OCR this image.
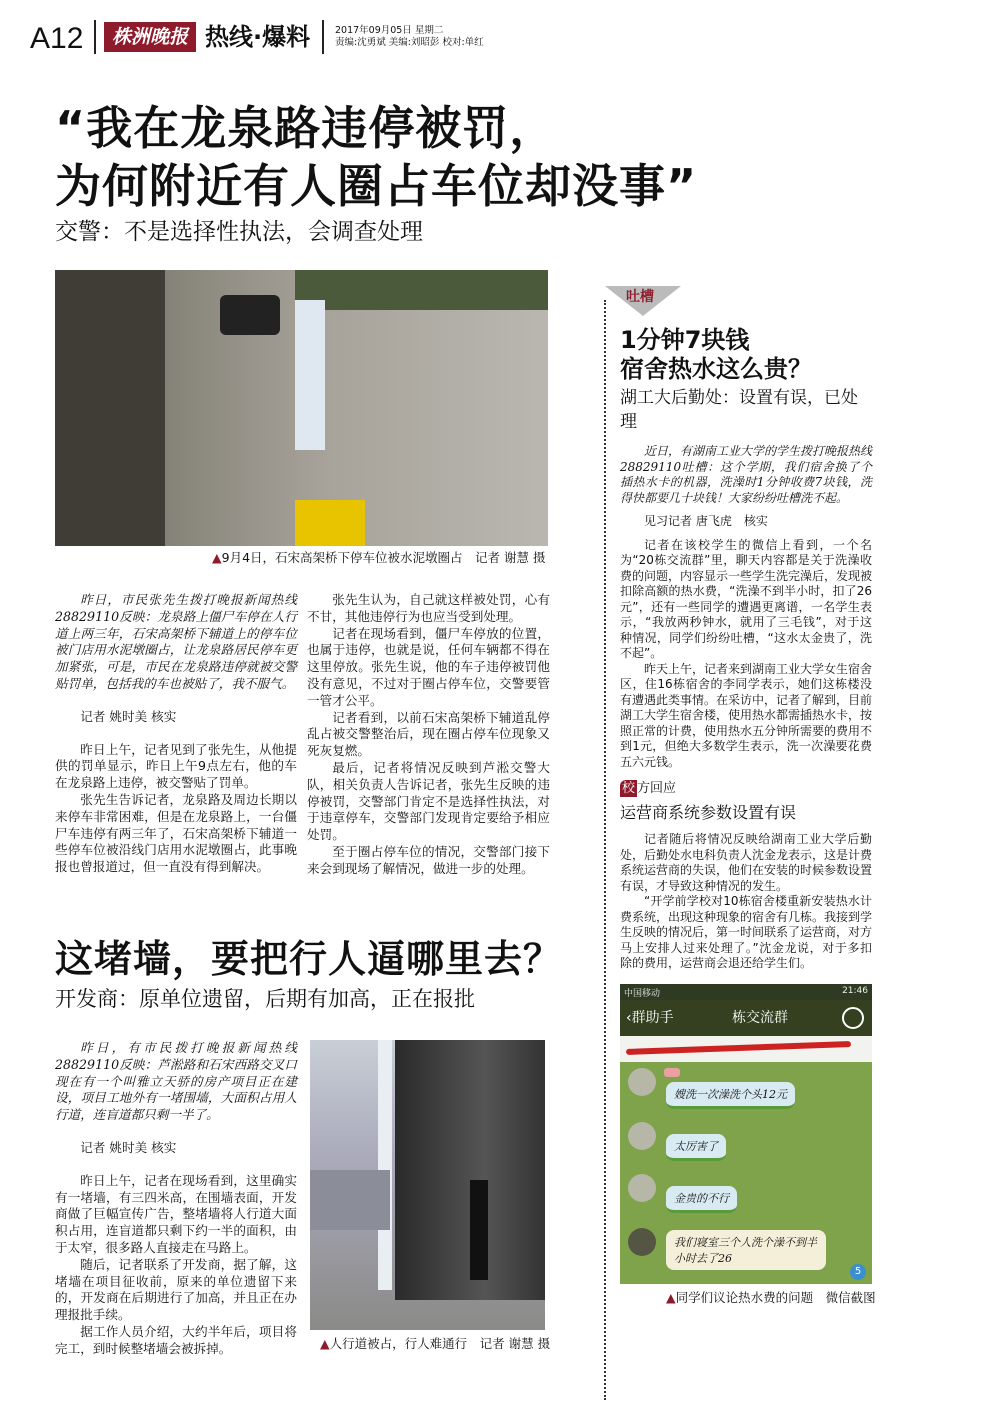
A12	株洲晚报 热线·爆料	2017年09月05日 星期二
责编:沈勇斌 美编:刘昭彭 校对:单红
“我在龙泉路违停被罚，
为何附近有人圈占车位却没事”
交警：不是选择性执法，会调查处理
▲9月4日，石宋高架桥下停车位被水泥墩圈占　记者 谢慧 摄

昨日，市民张先生拨打晚报新闻热线28829110反映：龙泉路上僵尸车停在人行道上两三年，石宋高架桥下辅道上的停车位被门店用水泥墩圈占，让龙泉路居民停车更加紧张，可是，市民在龙泉路违停就被交警贴罚单，包括我的车也被贴了，我不服气。

记者 姚时美 核实

昨日上午，记者见到了张先生，从他提供的罚单显示，昨日上午9点左右，他的车在龙泉路上违停，被交警贴了罚单。

张先生告诉记者，龙泉路及周边长期以来停车非常困难，但是在龙泉路上，一台僵尸车违停有两三年了，石宋高架桥下辅道一些停车位被沿线门店用水泥墩圈占，此事晚报也曾报道过，但一直没有得到解决。

张先生认为，自己就这样被处罚，心有不甘，其他违停行为也应当受到处理。

记者在现场看到，僵尸车停放的位置，也属于违停，也就是说，任何车辆都不得在这里停放。张先生说，他的车子违停被罚他没有意见，不过对于圈占停车位，交警要管一管才公平。

记者看到，以前石宋高架桥下辅道乱停乱占被交警整治后，现在圈占停车位现象又死灰复燃。

最后，记者将情况反映到芦淞交警大队，相关负责人告诉记者，张先生反映的违停被罚，交警部门肯定不是选择性执法，对于违章停车，交警部门发现肯定要给予相应处罚。

至于圈占停车位的情况，交警部门接下来会到现场了解情况，做进一步的处理。

这堵墙，要把行人逼哪里去？
开发商：原单位遗留，后期有加高，正在报批

昨日，有市民拨打晚报新闻热线28829110反映：芦淞路和石宋西路交叉口现在有一个叫雅立天骄的房产项目正在建设，项目工地外有一堵围墙，大面积占用人行道，连盲道都只剩一半了。

记者 姚时美 核实

昨日上午，记者在现场看到，这里确实有一堵墙，有三四米高，在围墙表面，开发商做了巨幅宣传广告，整堵墙将人行道大面积占用，连盲道都只剩下约一半的面积，由于太窄，很多路人直接走在马路上。

随后，记者联系了开发商，据了解，这堵墙在项目征收前，原来的单位遗留下来的，开发商在后期进行了加高，并且正在办理报批手续。

据工作人员介绍，大约半年后，项目将完工，到时候整堵墙会被拆掉。	▲人行道被占，行人难通行　记者 谢慧 摄
吐槽
1分钟7块钱
宿舍热水这么贵？
湖工大后勤处：设置有误，已处理

近日，有湖南工业大学的学生拨打晚报热线28829110吐槽：这个学期，我们宿舍换了个插热水卡的机器，洗澡时1分钟收费7块钱，洗得快都要几十块钱！大家纷纷吐槽洗不起。

见习记者 唐飞虎　核实

记者在该校学生的微信上看到，一个名为“20栋交流群”里，聊天内容都是关于洗澡收费的问题，内容显示一些学生洗完澡后，发现被扣除高额的热水费，“洗澡不到半小时，扣了26元”，还有一些同学的遭遇更离谱，一名学生表示，“我放两秒钟水，就用了三毛钱”，对于这种情况，同学们纷纷吐槽，“这水太金贵了，洗不起”。

昨天上午，记者来到湖南工业大学女生宿舍区，住16栋宿舍的李同学表示，她们这栋楼没有遭遇此类事情。在采访中，记者了解到，目前湖工大学生宿舍楼，使用热水都需插热水卡，按照正常的计费，使用热水五分钟所需要的费用不到1元，但绝大多数学生表示，洗一次澡要花费五六元钱。

校 方回应
运营商系统参数设置有误

记者随后将情况反映给湖南工业大学后勤处，后勤处水电科负责人沈金龙表示，这是计费系统运营商的失误，他们在安装的时候参数设置有误，才导致这种情况的发生。

“开学前学校对10栋宿舍楼重新安装热水计费系统，出现这种现象的宿舍有几栋。我接到学生反映的情况后，第一时间联系了运营商，对方马上安排人过来处理了。”沈金龙说，对于多扣除的费用，运营商会退还给学生们。

中国移动	21:46
‹群助手	栋交流群

嫂洗一次澡洗个头12元
太厉害了
金贵的不行
我们寝室三个人洗个澡不到半小时去了26
5
▲同学们议论热水费的问题　微信截图
